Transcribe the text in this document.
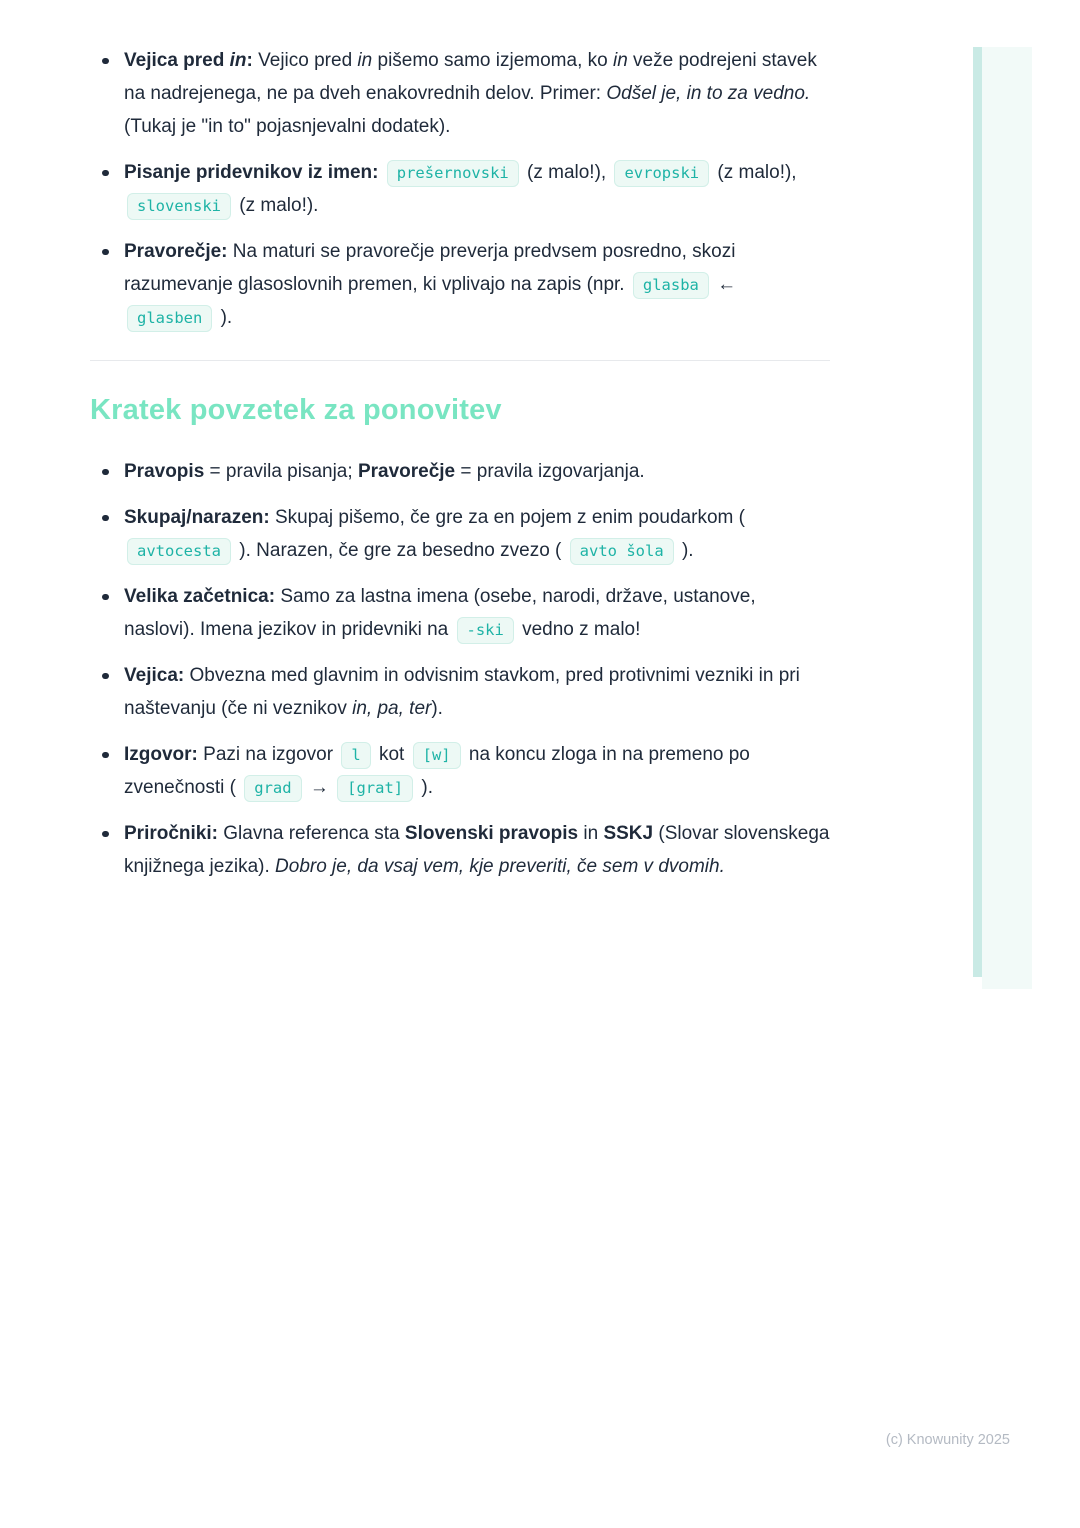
Vejica pred in: Vejico pred in pišemo samo izjemoma, ko in veže podrejeni stavek na nadrejenega, ne pa dveh enakovrednih delov. Primer: Odšel je, in to za vedno. (Tukaj je "in to" pojasnjevalni dodatek).
Pisanje pridevnikov iz imen: prešernovski (z malo!), evropski (z malo!), slovenski (z malo!).
Pravorečje: Na maturi se pravorečje preverja predvsem posredno, skozi razumevanje glasoslovnih premen, ki vplivajo na zapis (npr. glasba ← glasben ).
Kratek povzetek za ponovitev
Pravopis = pravila pisanja; Pravorečje = pravila izgovarjanja.
Skupaj/narazen: Skupaj pišemo, če gre za en pojem z enim poudarkom ( avtocesta ). Narazen, če gre za besedno zvezo ( avto šola ).
Velika začetnica: Samo za lastna imena (osebe, narodi, države, ustanove, naslovi). Imena jezikov in pridevniki na -ski vedno z malo!
Vejica: Obvezna med glavnim in odvisnim stavkom, pred protivnimi vezniki in pri naštevanju (če ni veznikov in, pa, ter).
Izgovor: Pazi na izgovor l kot [w] na koncu zloga in na premeno po zvenečnosti ( grad → [grat] ).
Priročniki: Glavna referenca sta Slovenski pravopis in SSKJ (Slovar slovenskega knjižnega jezika). Dobro je, da vsaj vem, kje preveriti, če sem v dvomih.
(c) Knowunity 2025
